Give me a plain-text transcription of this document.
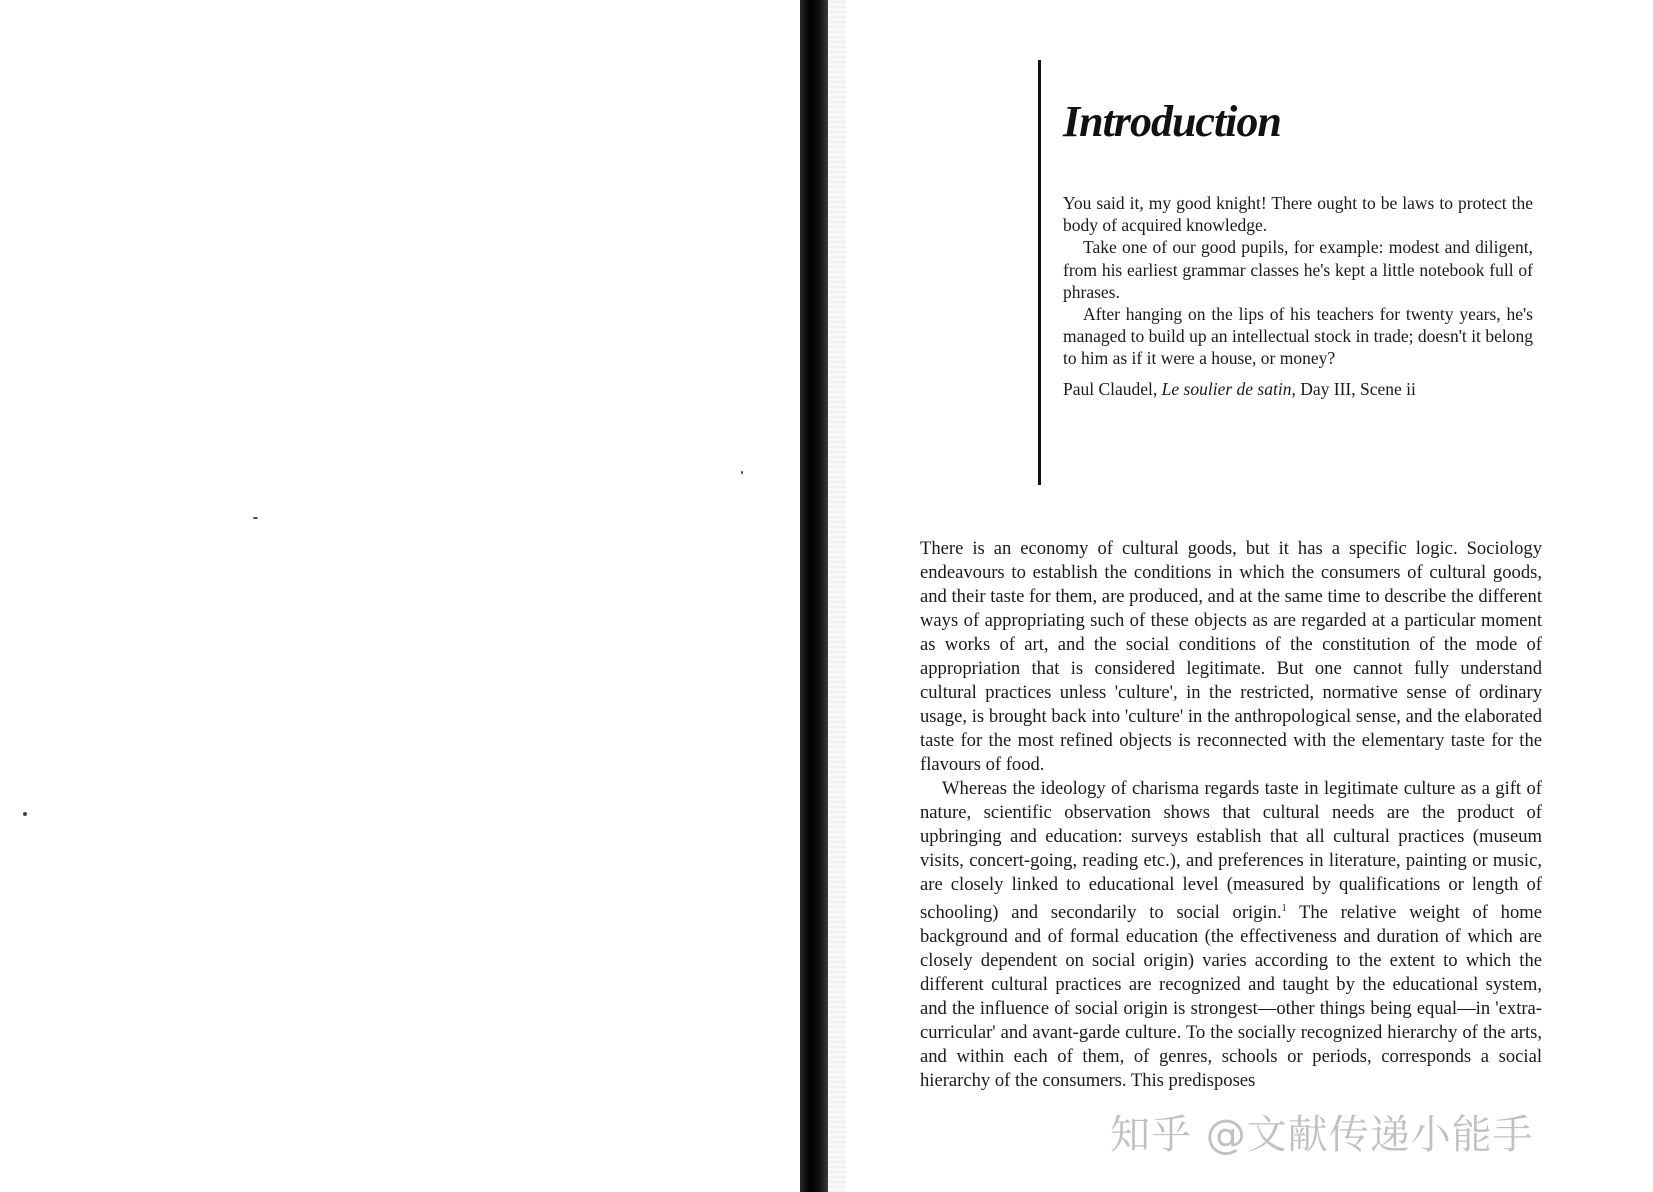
Introduction

You said it, my good knight! There ought to be laws to protect the body of acquired knowledge.

Take one of our good pupils, for example: modest and diligent, from his earliest grammar classes he's kept a little notebook full of phrases.

After hanging on the lips of his teachers for twenty years, he's managed to build up an intellectual stock in trade; doesn't it belong to him as if it were a house, or money?

Paul Claudel, Le soulier de satin, Day III, Scene ii

There is an economy of cultural goods, but it has a specific logic. Sociology endeavours to establish the conditions in which the consumers of cultural goods, and their taste for them, are produced, and at the same time to describe the different ways of appropriating such of these objects as are regarded at a particular moment as works of art, and the social conditions of the constitution of the mode of appropriation that is considered legitimate. But one cannot fully understand cultural practices unless 'culture', in the restricted, normative sense of ordinary usage, is brought back into 'culture' in the anthropological sense, and the elaborated taste for the most refined objects is reconnected with the elementary taste for the flavours of food.

Whereas the ideology of charisma regards taste in legitimate culture as a gift of nature, scientific observation shows that cultural needs are the product of upbringing and education: surveys establish that all cultural practices (museum visits, concert-going, reading etc.), and preferences in literature, painting or music, are closely linked to educational level (measured by qualifications or length of schooling) and secondarily to social origin.$^1$ The relative weight of home background and of formal education (the effectiveness and duration of which are closely dependent on social origin) varies according to the extent to which the different cultural practices are recognized and taught by the educational system, and the influence of social origin is strongest—other things being equal—in 'extra-curricular' and avant-garde culture. To the socially recognized hierarchy of the arts, and within each of them, of genres, schools or periods, corresponds a social hierarchy of the consumers. This predisposes

知乎 @文献传递小能手
